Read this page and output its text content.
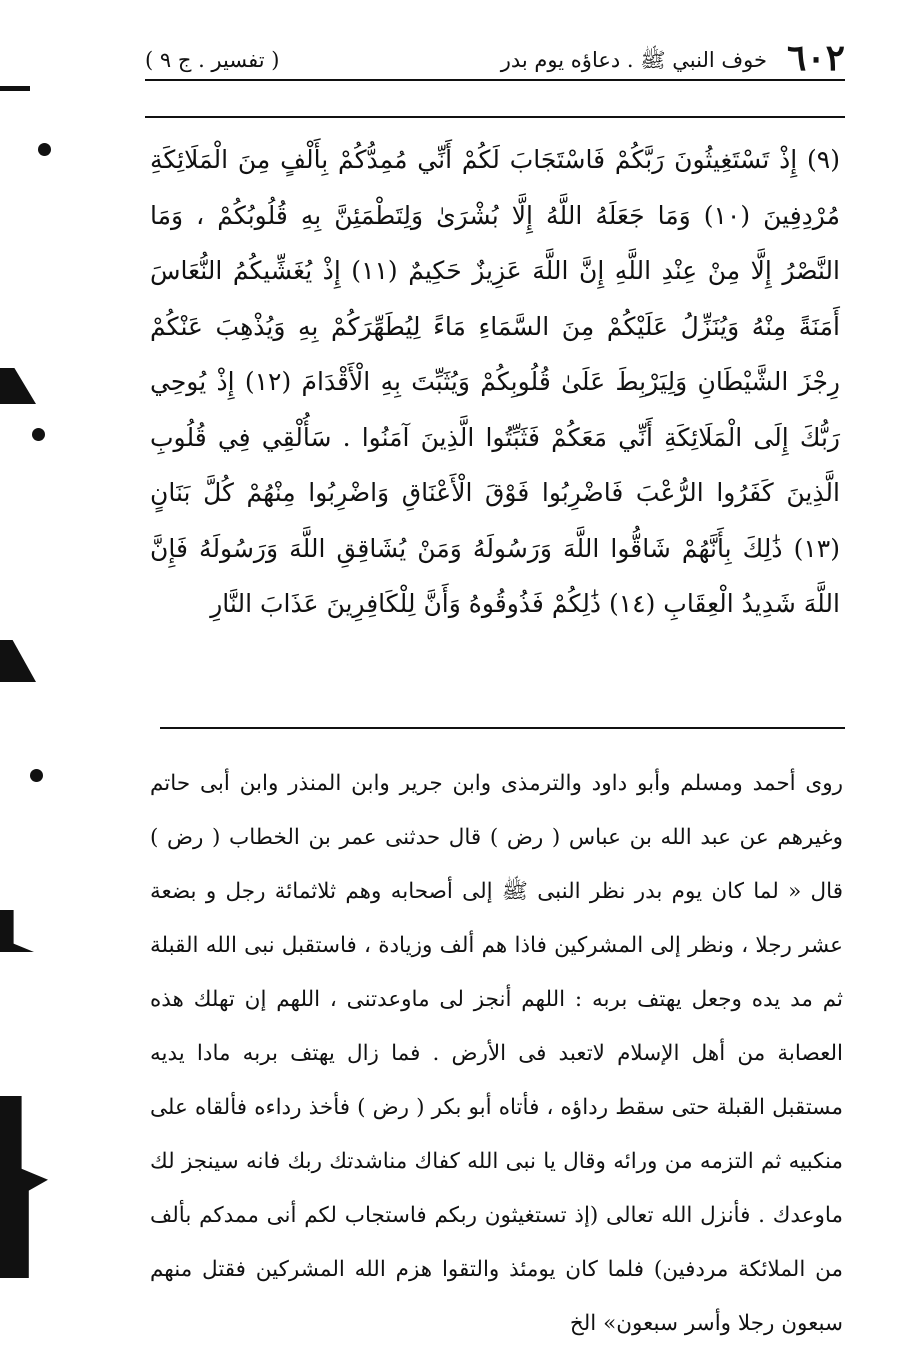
٦٠٢
خوف النبي ﷺ . دعاؤه يوم بدر
( تفسير . ج ٩ )

(٩) إِذْ تَسْتَغِيثُونَ رَبَّكُمْ فَاسْتَجَابَ لَكُمْ أَنِّي مُمِدُّكُمْ بِأَلْفٍ مِنَ الْمَلَائِكَةِ مُرْدِفِينَ (١٠) وَمَا جَعَلَهُ اللَّهُ إِلَّا بُشْرَىٰ وَلِتَطْمَئِنَّ بِهِ قُلُوبُكُمْ ، وَمَا النَّصْرُ إِلَّا مِنْ عِنْدِ اللَّهِ إِنَّ اللَّهَ عَزِيزٌ حَكِيمٌ (١١) إِذْ يُغَشِّيكُمُ النُّعَاسَ أَمَنَةً مِنْهُ وَيُنَزِّلُ عَلَيْكُمْ مِنَ السَّمَاءِ مَاءً لِيُطَهِّرَكُمْ بِهِ وَيُذْهِبَ عَنْكُمْ رِجْزَ الشَّيْطَانِ وَلِيَرْبِطَ عَلَىٰ قُلُوبِكُمْ وَيُثَبِّتَ بِهِ الْأَقْدَامَ (١٢) إِذْ يُوحِي رَبُّكَ إِلَى الْمَلَائِكَةِ أَنِّي مَعَكُمْ فَثَبِّتُوا الَّذِينَ آمَنُوا . سَأُلْقِي فِي قُلُوبِ الَّذِينَ كَفَرُوا الرُّعْبَ فَاضْرِبُوا فَوْقَ الْأَعْنَاقِ وَاضْرِبُوا مِنْهُمْ كُلَّ بَنَانٍ (١٣) ذَٰلِكَ بِأَنَّهُمْ شَاقُّوا اللَّهَ وَرَسُولَهُ وَمَنْ يُشَاقِقِ اللَّهَ وَرَسُولَهُ فَإِنَّ اللَّهَ شَدِيدُ الْعِقَابِ (١٤) ذَٰلِكُمْ فَذُوقُوهُ وَأَنَّ لِلْكَافِرِينَ عَذَابَ النَّارِ

روى أحمد ومسلم وأبو داود والترمذى وابن جرير وابن المنذر وابن أبى حاتم وغيرهم عن عبد الله بن عباس ( رض ) قال حدثنى عمر بن الخطاب ( رض ) قال « لما كان يوم بدر نظر النبى ﷺ إلى أصحابه وهم ثلاثمائة رجل و بضعة عشر رجلا ، ونظر إلى المشركين فاذا هم ألف وزيادة ، فاستقبل نبى الله القبلة ثم مد يده وجعل يهتف بربه : اللهم أنجز لى ماوعدتنى ، اللهم إن تهلك هذه العصابة من أهل الإسلام لاتعبد فى الأرض . فما زال يهتف بربه مادا يديه مستقبل القبلة حتى سقط رداؤه ، فأتاه أبو بكر ( رض ) فأخذ رداءه فألقاه على منكبيه ثم التزمه من ورائه وقال يا نبى الله كفاك مناشدتك ربك فانه سينجز لك ماوعدك . فأنزل الله تعالى (إذ تستغيثون ربكم فاستجاب لكم أنى ممدكم بألف من الملائكة مردفين) فلما كان يومئذ والتقوا هزم الله المشركين فقتل منهم سبعون رجلا وأسر سبعون» الخ
